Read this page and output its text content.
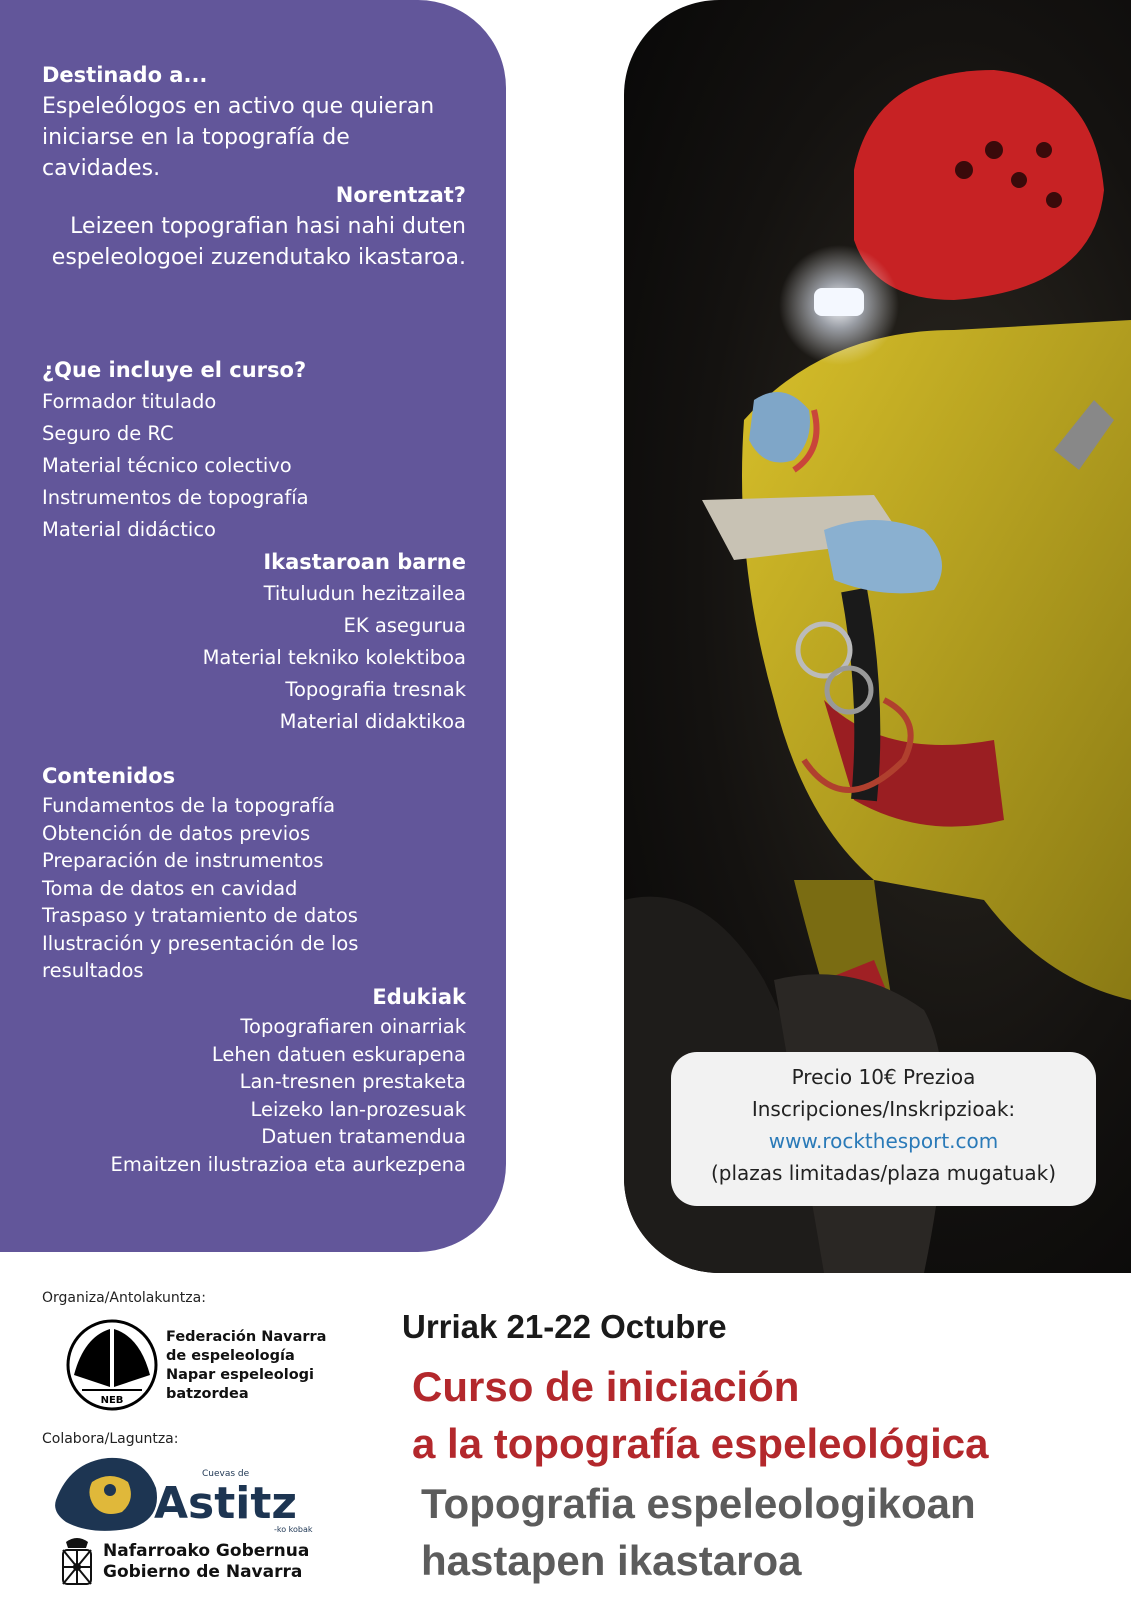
Destinado a...

Espeleólogos en activo que quieran

iniciarse en la topografía de cavidades.

Norentzat?

Leizeen topografian hasi nahi duten

espeleologoei zuzendutako ikastaroa.

¿Que incluye el curso?

Formador titulado

Seguro de RC

Material técnico colectivo

Instrumentos de topografía

Material didáctico

Ikastaroan barne

Tituludun hezitzailea

EK asegurua

Material tekniko kolektiboa

Topografia tresnak

Material didaktikoa

Contenidos

Fundamentos de la topografía

Obtención de datos previos

Preparación de instrumentos

Toma de datos en cavidad

Traspaso y tratamiento de datos

Ilustración y presentación de los resultados

Edukiak

Topografiaren oinarriak

Lehen datuen eskurapena

Lan-tresnen prestaketa

Leizeko lan-prozesuak

Datuen tratamendua

Emaitzen ilustrazioa eta aurkezpena

Precio 10€ Prezioa
Inscripciones/Inskripzioak:
www.rockthesport.com
(plazas limitadas/plaza mugatuak)
Organiza/Antolakuntza:
NEB
Federación Navarra
de espeleología
Napar espeleologi
batzordea
Colabora/Laguntza:
Cuevas de
Astitz
-ko kobak
Nafarroako Gobernua
Gobierno de Navarra
Urriak 21-22 Octubre
Curso de iniciación
a la topografía espeleológica
Topografia espeleologikoan
hastapen ikastaroa
